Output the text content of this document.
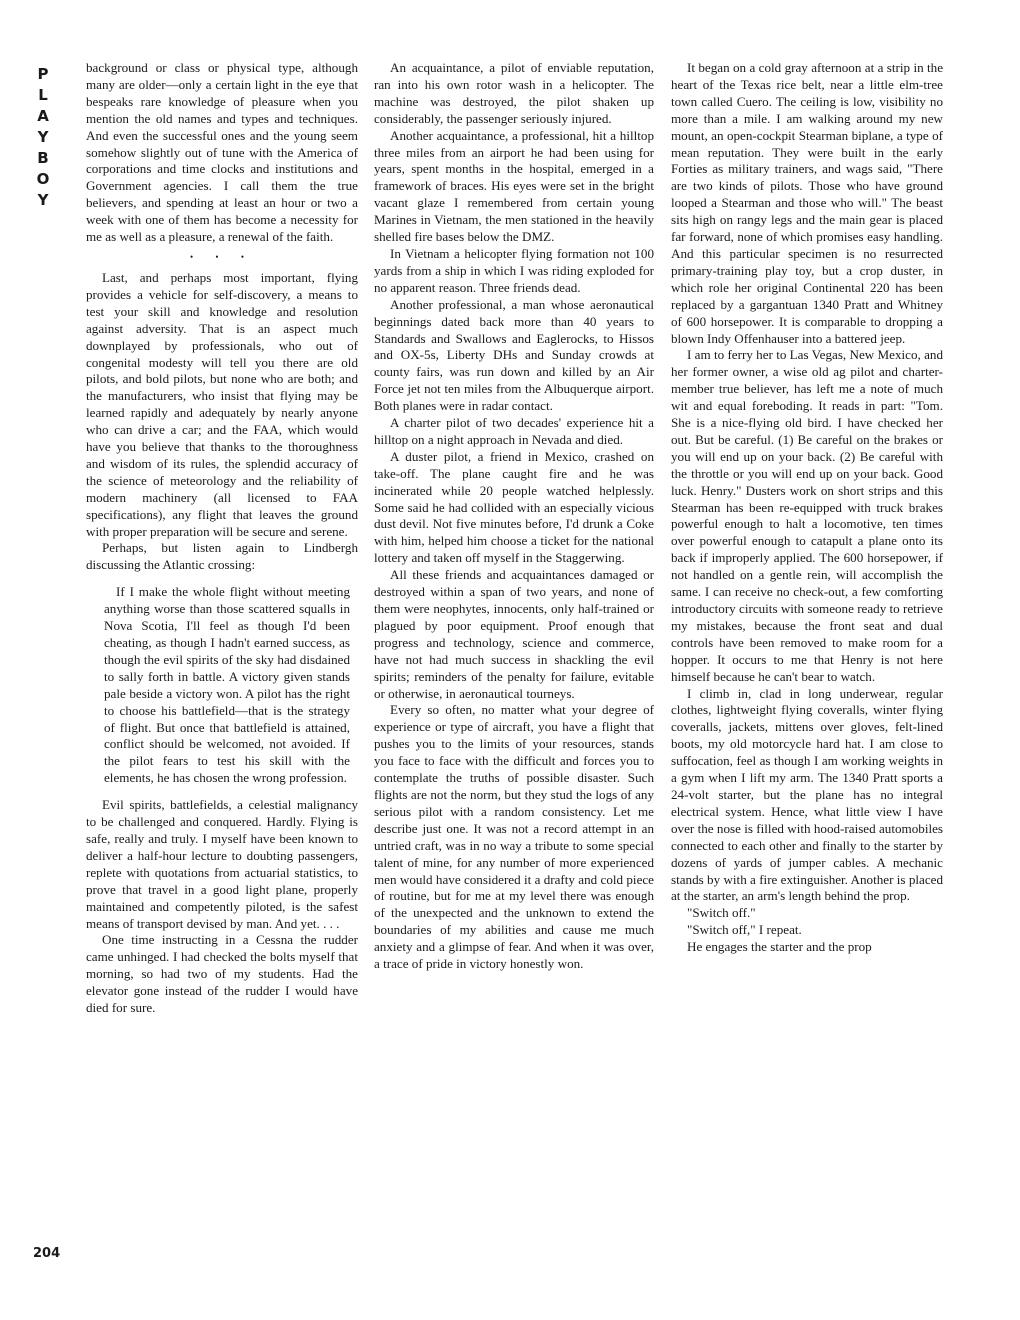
P
L
A
Y
B
O
Y
204

background or class or physical type, although many are older—only a certain light in the eye that bespeaks rare knowledge of pleasure when you mention the old names and types and techniques. And even the successful ones and the young seem somehow slightly out of tune with the America of corporations and time clocks and institutions and Government agencies. I call them the true believers, and spending at least an hour or two a week with one of them has become a necessity for me as well as a pleasure, a renewal of the faith.

• • •

Last, and perhaps most important, flying provides a vehicle for self-discovery, a means to test your skill and knowledge and resolution against adversity. That is an aspect much downplayed by professionals, who out of congenital modesty will tell you there are old pilots, and bold pilots, but none who are both; and the manufacturers, who insist that flying may be learned rapidly and adequately by nearly anyone who can drive a car; and the FAA, which would have you believe that thanks to the thoroughness and wisdom of its rules, the splendid accuracy of the science of meteorology and the reliability of modern machinery (all licensed to FAA specifications), any flight that leaves the ground with proper preparation will be secure and serene.

Perhaps, but listen again to Lindbergh discussing the Atlantic crossing:

If I make the whole flight without meeting anything worse than those scattered squalls in Nova Scotia, I'll feel as though I'd been cheating, as though I hadn't earned success, as though the evil spirits of the sky had disdained to sally forth in battle. A victory given stands pale beside a victory won. A pilot has the right to choose his battlefield—that is the strategy of flight. But once that battlefield is attained, conflict should be welcomed, not avoided. If the pilot fears to test his skill with the elements, he has chosen the wrong profession.

Evil spirits, battlefields, a celestial malignancy to be challenged and conquered. Hardly. Flying is safe, really and truly. I myself have been known to deliver a half-hour lecture to doubting passengers, replete with quotations from actuarial statistics, to prove that travel in a good light plane, properly maintained and competently piloted, is the safest means of transport devised by man. And yet. . . .

One time instructing in a Cessna the rudder came unhinged. I had checked the bolts myself that morning, so had two of my students. Had the elevator gone instead of the rudder I would have died for sure.

An acquaintance, a pilot of enviable reputation, ran into his own rotor wash in a helicopter. The machine was destroyed, the pilot shaken up considerably, the passenger seriously injured.

Another acquaintance, a professional, hit a hilltop three miles from an airport he had been using for years, spent months in the hospital, emerged in a framework of braces. His eyes were set in the bright vacant glaze I remembered from certain young Marines in Vietnam, the men stationed in the heavily shelled fire bases below the DMZ.

In Vietnam a helicopter flying formation not 100 yards from a ship in which I was riding exploded for no apparent reason. Three friends dead.

Another professional, a man whose aeronautical beginnings dated back more than 40 years to Standards and Swallows and Eaglerocks, to Hissos and OX-5s, Liberty DHs and Sunday crowds at county fairs, was run down and killed by an Air Force jet not ten miles from the Albuquerque airport. Both planes were in radar contact.

A charter pilot of two decades' experience hit a hilltop on a night approach in Nevada and died.

A duster pilot, a friend in Mexico, crashed on take-off. The plane caught fire and he was incinerated while 20 people watched helplessly. Some said he had collided with an especially vicious dust devil. Not five minutes before, I'd drunk a Coke with him, helped him choose a ticket for the national lottery and taken off myself in the Staggerwing.

All these friends and acquaintances damaged or destroyed within a span of two years, and none of them were neophytes, innocents, only half-trained or plagued by poor equipment. Proof enough that progress and technology, science and commerce, have not had much success in shackling the evil spirits; reminders of the penalty for failure, evitable or otherwise, in aeronautical tourneys.

Every so often, no matter what your degree of experience or type of aircraft, you have a flight that pushes you to the limits of your resources, stands you face to face with the difficult and forces you to contemplate the truths of possible disaster. Such flights are not the norm, but they stud the logs of any serious pilot with a random consistency. Let me describe just one. It was not a record attempt in an untried craft, was in no way a tribute to some special talent of mine, for any number of more experienced men would have considered it a drafty and cold piece of routine, but for me at my level there was enough of the unexpected and the unknown to extend the boundaries of my abilities and cause me much anxiety and a glimpse of fear. And when it was over, a trace of pride in victory honestly won.

It began on a cold gray afternoon at a strip in the heart of the Texas rice belt, near a little elm-tree town called Cuero. The ceiling is low, visibility no more than a mile. I am walking around my new mount, an open-cockpit Stearman biplane, a type of mean reputation. They were built in the early Forties as military trainers, and wags said, "There are two kinds of pilots. Those who have ground looped a Stearman and those who will." The beast sits high on rangy legs and the main gear is placed far forward, none of which promises easy handling. And this particular specimen is no resurrected primary-training play toy, but a crop duster, in which role her original Continental 220 has been replaced by a gargantuan 1340 Pratt and Whitney of 600 horsepower. It is comparable to dropping a blown Indy Offenhauser into a battered jeep.

I am to ferry her to Las Vegas, New Mexico, and her former owner, a wise old ag pilot and charter-member true believer, has left me a note of much wit and equal foreboding. It reads in part: "Tom. She is a nice-flying old bird. I have checked her out. But be careful. (1) Be careful on the brakes or you will end up on your back. (2) Be careful with the throttle or you will end up on your back. Good luck. Henry." Dusters work on short strips and this Stearman has been re-equipped with truck brakes powerful enough to halt a locomotive, ten times over powerful enough to catapult a plane onto its back if improperly applied. The 600 horsepower, if not handled on a gentle rein, will accomplish the same. I can receive no check-out, a few comforting introductory circuits with someone ready to retrieve my mistakes, because the front seat and dual controls have been removed to make room for a hopper. It occurs to me that Henry is not here himself because he can't bear to watch.

I climb in, clad in long underwear, regular clothes, lightweight flying coveralls, winter flying coveralls, jackets, mittens over gloves, felt-lined boots, my old motorcycle hard hat. I am close to suffocation, feel as though I am working weights in a gym when I lift my arm. The 1340 Pratt sports a 24-volt starter, but the plane has no integral electrical system. Hence, what little view I have over the nose is filled with hood-raised automobiles connected to each other and finally to the starter by dozens of yards of jumper cables. A mechanic stands by with a fire extinguisher. Another is placed at the starter, an arm's length behind the prop.

"Switch off."

"Switch off," I repeat.

He engages the starter and the prop
